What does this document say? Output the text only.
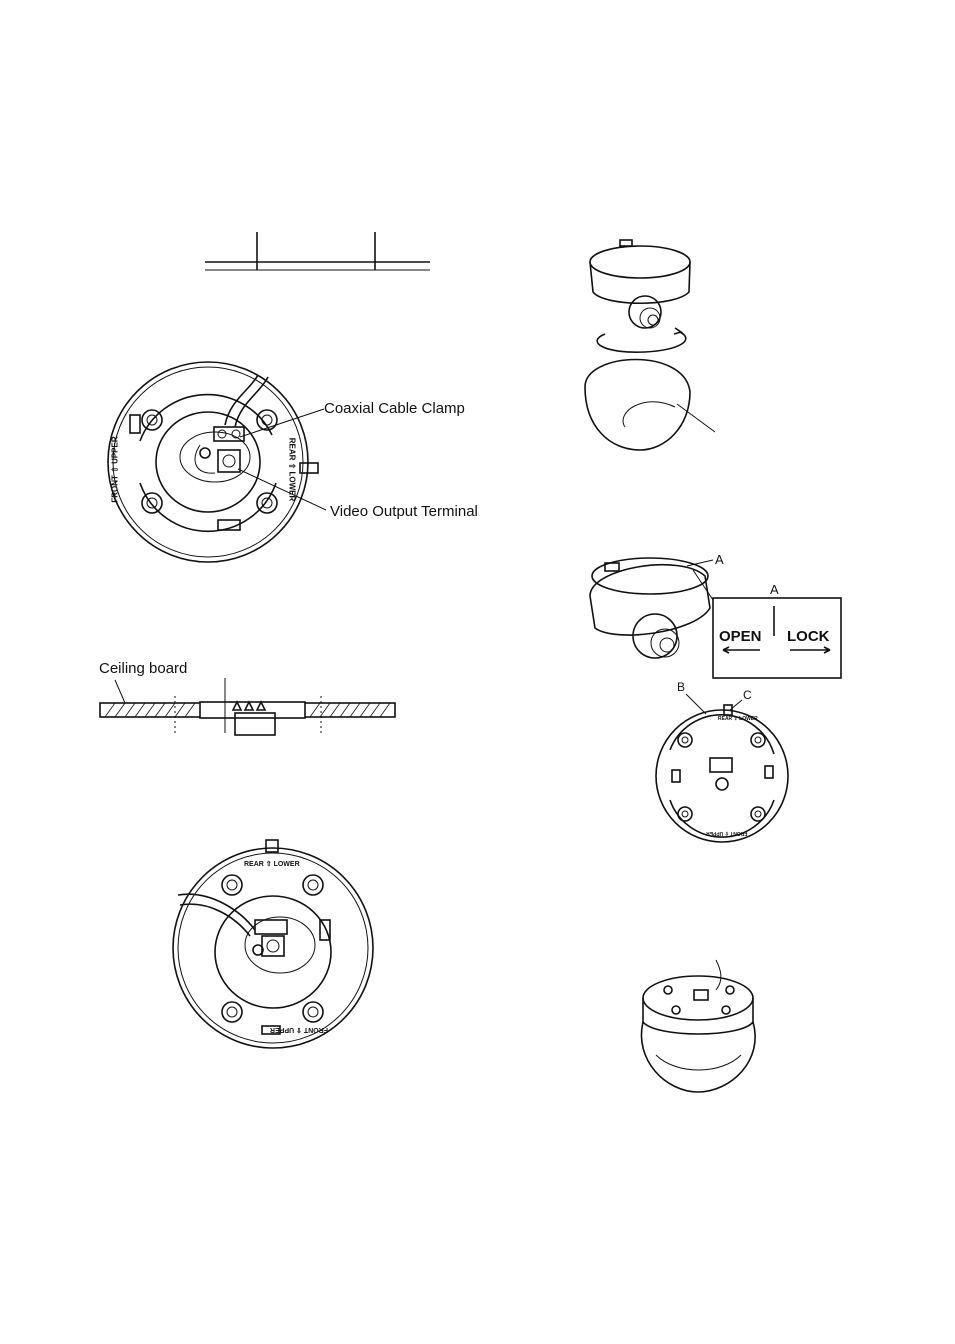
FRONT ⇧ UPPER	REAR ⇧ LOWER
Coaxial Cable Clamp
Video Output Terminal
Ceiling board
REAR ⇧ LOWER
FRONT ⇧ UPPER
A
A
OPEN LOCK
B
C
REAR ⇧ LOWER
FRONT ⇧ UPPER
